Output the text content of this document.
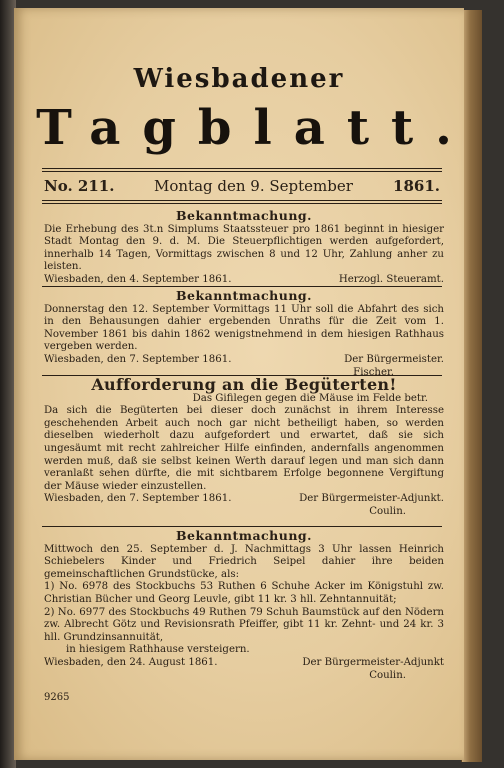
Wiesbadener
Tagblatt.
No. 211.	Montag den 9. September	1861.
Bekanntmachung.

Die Erhebung des 3t.n Simplums Staatssteuer pro 1861 beginnt in hiesiger Stadt Montag den 9. d. M. Die Steuerpflichtigen werden aufgefordert, innerhalb 14 Tagen, Vormittags zwischen 8 und 12 Uhr, Zahlung anher zu leisten.

Wiesbaden, den 4. September 1861.	Herzogl. Steueramt.
Bekanntmachung.

Donnerstag den 12. September Vormittags 11 Uhr soll die Abfahrt des sich in den Behausungen dahier ergebenden Unraths für die Zeit vom 1. November 1861 bis dahin 1862 wenigstnehmend in dem hiesigen Rathhaus vergeben werden.

Wiesbaden, den 7. September 1861.	Der Bürgermeister.
Fischer.
Aufforderung an die Begüterten!
Das Gifilegen gegen die Mäuse im Felde betr.

Da sich die Begüterten bei dieser doch zunächst in ihrem Interesse geschehenden Arbeit auch noch gar nicht betheiligt haben, so werden dieselben wiederholt dazu aufgefordert und erwartet, daß sie sich ungesäumt mit recht zahlreicher Hilfe einfinden, andernfalls angenommen werden muß, daß sie selbst keinen Werth darauf legen und man sich dann veranlaßt sehen dürfte, die mit sichtbarem Erfolge begonnene Vergiftung der Mäuse wieder einzustellen.

Wiesbaden, den 7. September 1861.	Der Bürgermeister-Adjunkt.
Coulin.
Bekanntmachung.

Mittwoch den 25. September d. J. Nachmittags 3 Uhr lassen Heinrich Schiebelers Kinder und Friedrich Seipel dahier ihre beiden gemeinschaftlichen Grundstücke, als:

1) No. 6978 des Stockbuchs 53 Ruthen 6 Schuhe Acker im Königstuhl zw. Christian Bücher und Georg Leuvle, gibt 11 kr. 3 hll. Zehntannuität;

2) No. 6977 des Stockbuchs 49 Ruthen 79 Schuh Baumstück auf den Nödern zw. Albrecht Götz und Revisionsrath Pfeiffer, gibt 11 kr. Zehnt- und 24 kr. 3 hll. Grundzinsannuität,

in hiesigem Rathhause versteigern.

Wiesbaden, den 24. August 1861.	Der Bürgermeister-Adjunkt
Coulin.
9265
